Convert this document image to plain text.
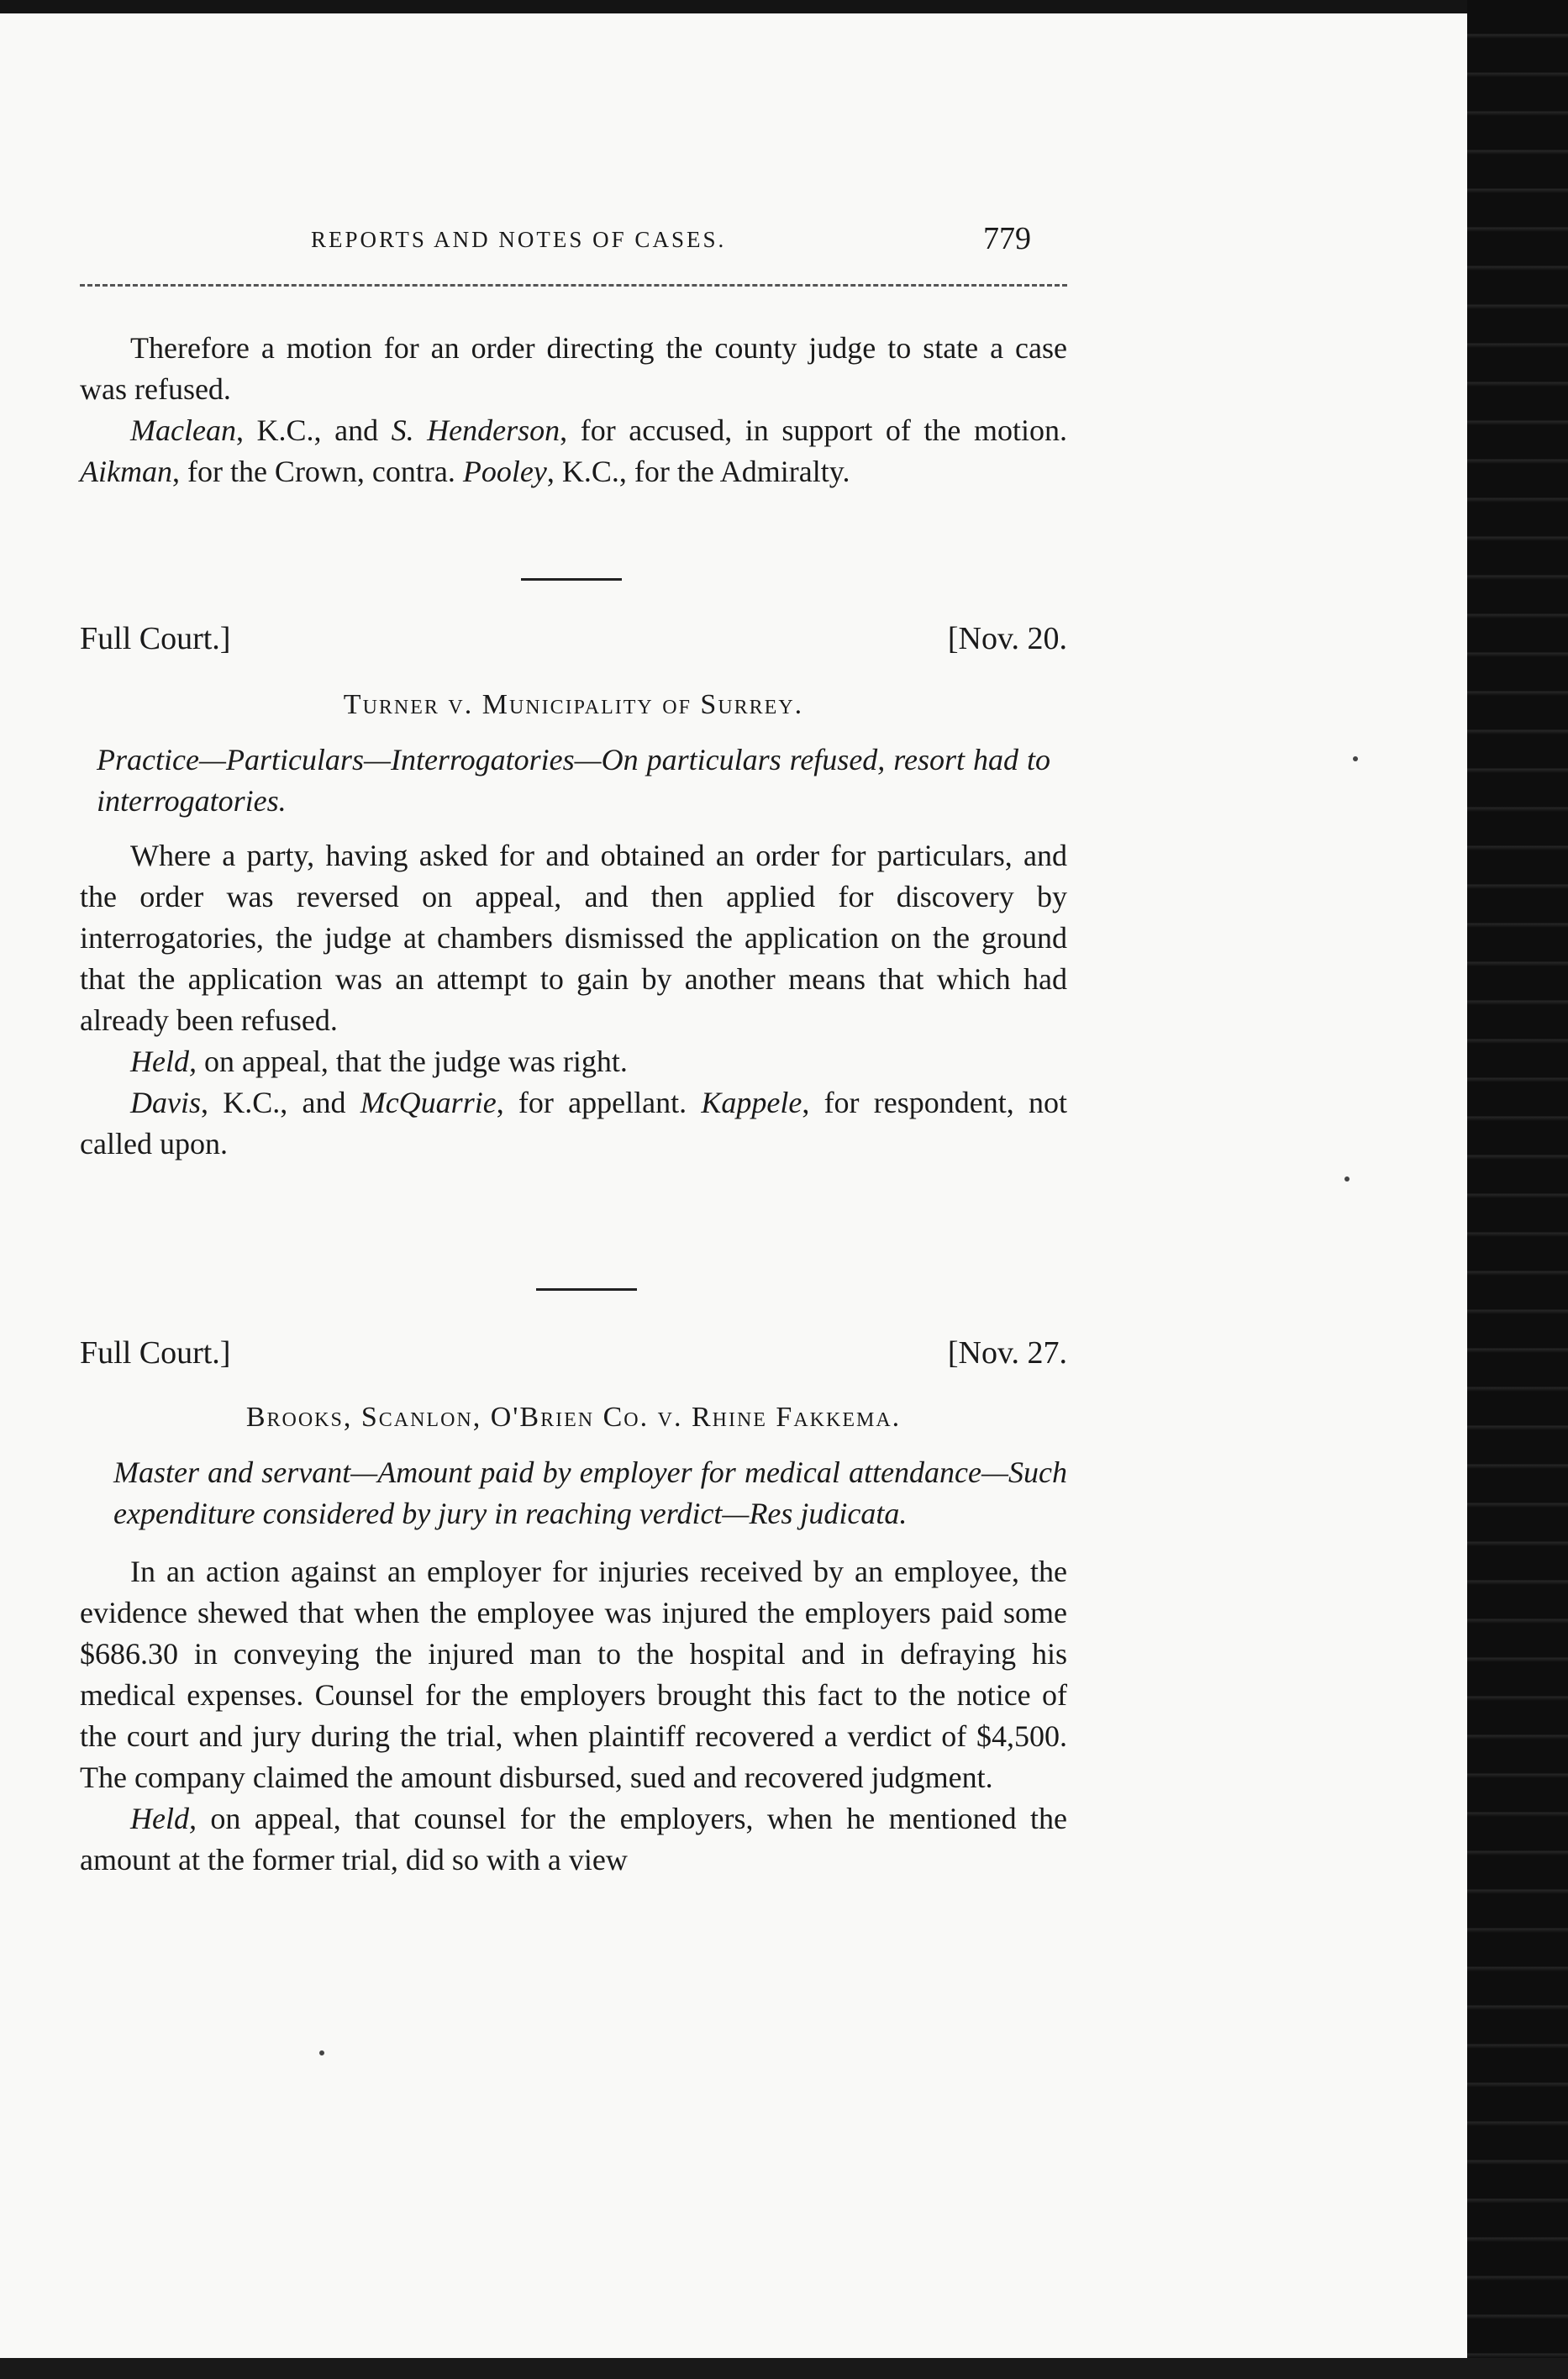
REPORTS AND NOTES OF CASES.	779

Therefore a motion for an order directing the county judge to state a case was refused.

Maclean, K.C., and S. Henderson, for accused, in support of the motion. Aikman, for the Crown, contra. Pooley, K.C., for the Admiralty.

Full Court.]	[Nov. 20.
Turner v. Municipality of Surrey.

Practice—Particulars—Interrogatories—On particulars refused, resort had to interrogatories.

Where a party, having asked for and obtained an order for particulars, and the order was reversed on appeal, and then applied for discovery by interrogatories, the judge at chambers dismissed the application on the ground that the application was an attempt to gain by another means that which had already been refused.

Held, on appeal, that the judge was right.

Davis, K.C., and McQuarrie, for appellant. Kappele, for respondent, not called upon.

Full Court.]	[Nov. 27.
Brooks, Scanlon, O'Brien Co. v. Rhine Fakkema.

Master and servant—Amount paid by employer for medical attendance—Such expenditure considered by jury in reaching verdict—Res judicata.

In an action against an employer for injuries received by an employee, the evidence shewed that when the employee was injured the employers paid some $686.30 in conveying the injured man to the hospital and in defraying his medical expenses. Counsel for the employers brought this fact to the notice of the court and jury during the trial, when plaintiff recovered a verdict of $4,500. The company claimed the amount disbursed, sued and recovered judgment.

Held, on appeal, that counsel for the employers, when he mentioned the amount at the former trial, did so with a view
